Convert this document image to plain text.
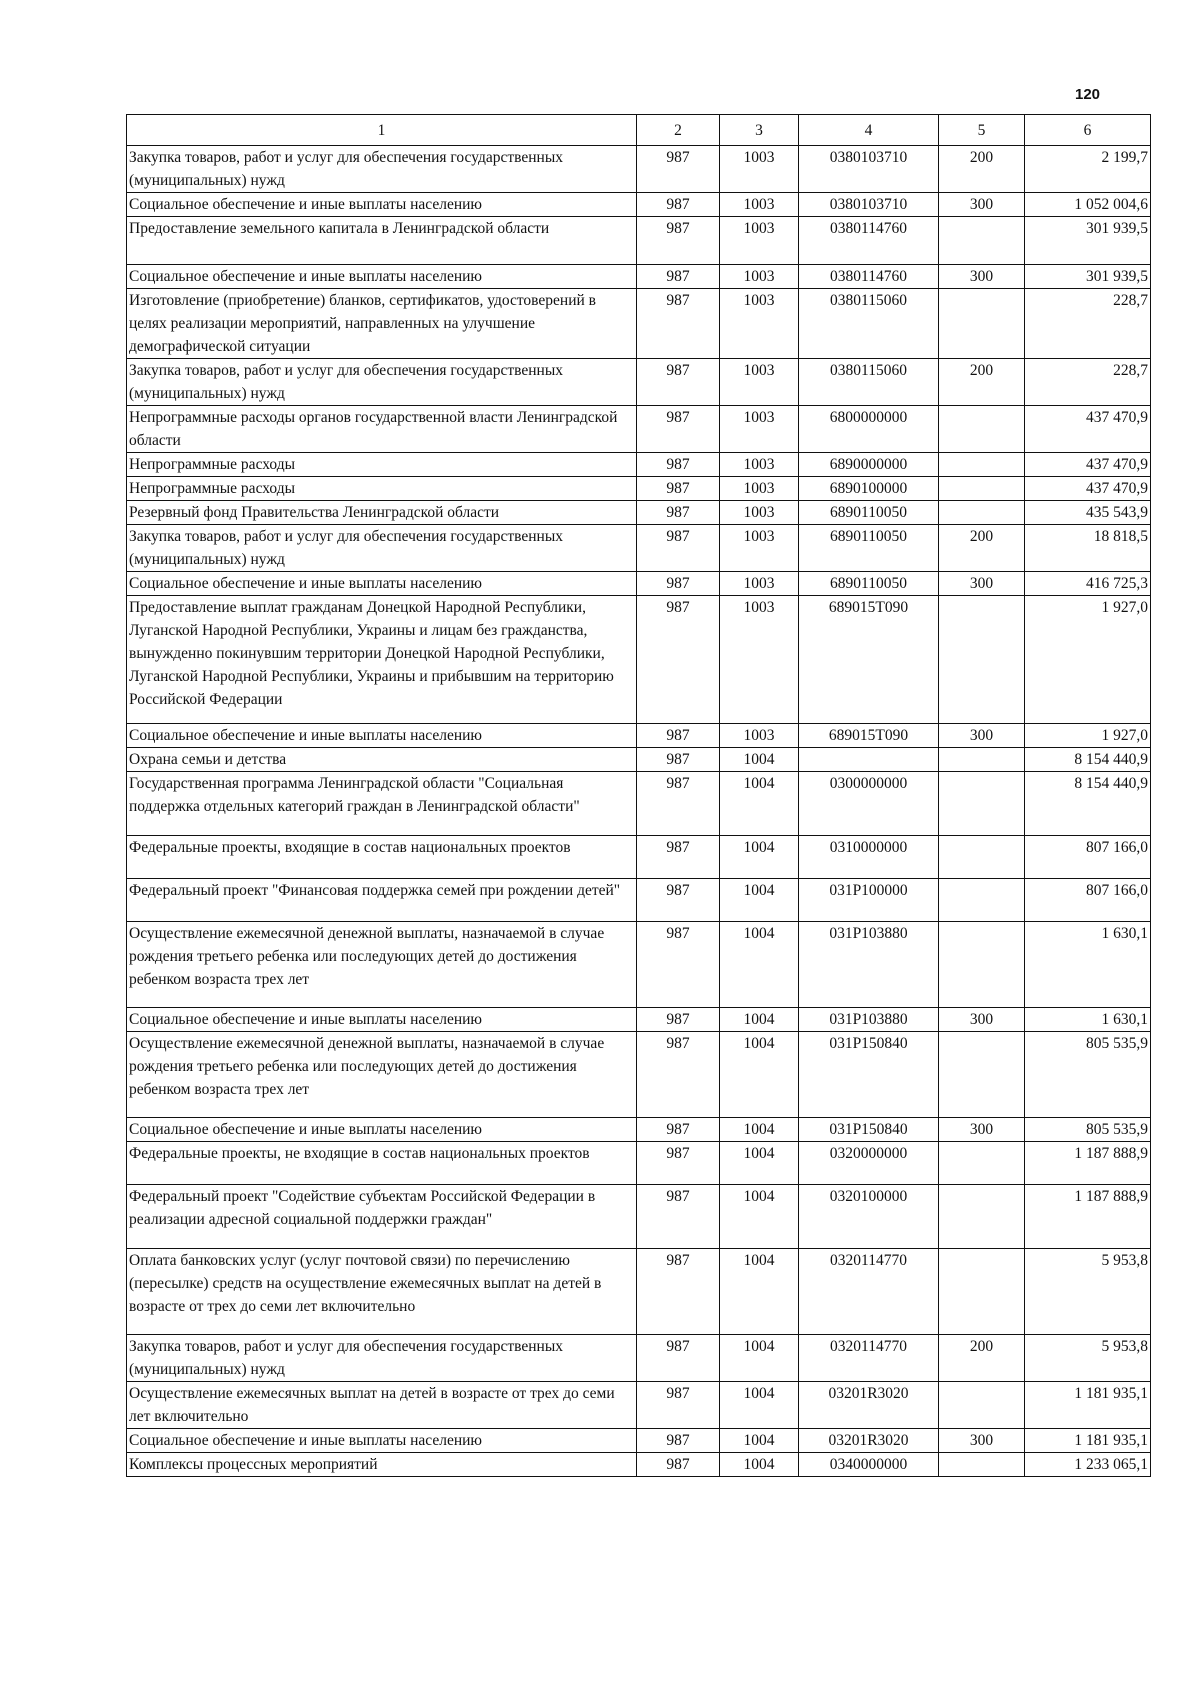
120
1	2	3	4	5	6
Закупка товаров, работ и услуг для обеспечения государственных (муниципальных) нужд	987	1003	0380103710	200	2 199,7
Социальное обеспечение и иные выплаты населению	987	1003	0380103710	300	1 052 004,6
Предоставление земельного капитала в Ленинградской области	987	1003	0380114760		301 939,5
Социальное обеспечение и иные выплаты населению	987	1003	0380114760	300	301 939,5
Изготовление (приобретение) бланков, сертификатов, удостоверений в целях реализации мероприятий, направленных на улучшение демографической ситуации	987	1003	0380115060		228,7
Закупка товаров, работ и услуг для обеспечения государственных (муниципальных) нужд	987	1003	0380115060	200	228,7
Непрограммные расходы органов государственной власти Ленинградской области	987	1003	6800000000		437 470,9
Непрограммные расходы	987	1003	6890000000		437 470,9
Непрограммные расходы	987	1003	6890100000		437 470,9
Резервный фонд Правительства Ленинградской области	987	1003	6890110050		435 543,9
Закупка товаров, работ и услуг для обеспечения государственных (муниципальных) нужд	987	1003	6890110050	200	18 818,5
Социальное обеспечение и иные выплаты населению	987	1003	6890110050	300	416 725,3
Предоставление выплат гражданам Донецкой Народной Республики, Луганской Народной Республики, Украины и лицам без гражданства, вынужденно покинувшим территории Донецкой Народной Республики, Луганской Народной Республики, Украины и прибывшим на территорию Российской Федерации	987	1003	689015Т090		1 927,0
Социальное обеспечение и иные выплаты населению	987	1003	689015Т090	300	1 927,0
Охрана семьи и детства	987	1004			8 154 440,9
Государственная программа Ленинградской области "Социальная поддержка отдельных категорий граждан в Ленинградской области"	987	1004	0300000000		8 154 440,9
Федеральные проекты, входящие в состав национальных проектов	987	1004	0310000000		807 166,0
Федеральный проект "Финансовая поддержка семей при рождении детей"	987	1004	031Р100000		807 166,0
Осуществление ежемесячной денежной выплаты, назначаемой в случае рождения третьего ребенка или последующих детей до достижения ребенком возраста трех лет	987	1004	031Р103880		1 630,1
Социальное обеспечение и иные выплаты населению	987	1004	031Р103880	300	1 630,1
Осуществление ежемесячной денежной выплаты, назначаемой в случае рождения третьего ребенка или последующих детей до достижения ребенком возраста трех лет	987	1004	031Р150840		805 535,9
Социальное обеспечение и иные выплаты населению	987	1004	031Р150840	300	805 535,9
Федеральные проекты, не входящие в состав национальных проектов	987	1004	0320000000		1 187 888,9
Федеральный проект "Содействие субъектам Российской Федерации в реализации адресной социальной поддержки граждан"	987	1004	0320100000		1 187 888,9
Оплата банковских услуг (услуг почтовой связи) по перечислению (пересылке) средств на осуществление ежемесячных выплат на детей в возрасте от трех до семи лет включительно	987	1004	0320114770		5 953,8
Закупка товаров, работ и услуг для обеспечения государственных (муниципальных) нужд	987	1004	0320114770	200	5 953,8
Осуществление ежемесячных выплат на детей в возрасте от трех до семи лет включительно	987	1004	03201R3020		1 181 935,1
Социальное обеспечение и иные выплаты населению	987	1004	03201R3020	300	1 181 935,1
Комплексы процессных мероприятий	987	1004	0340000000		1 233 065,1
